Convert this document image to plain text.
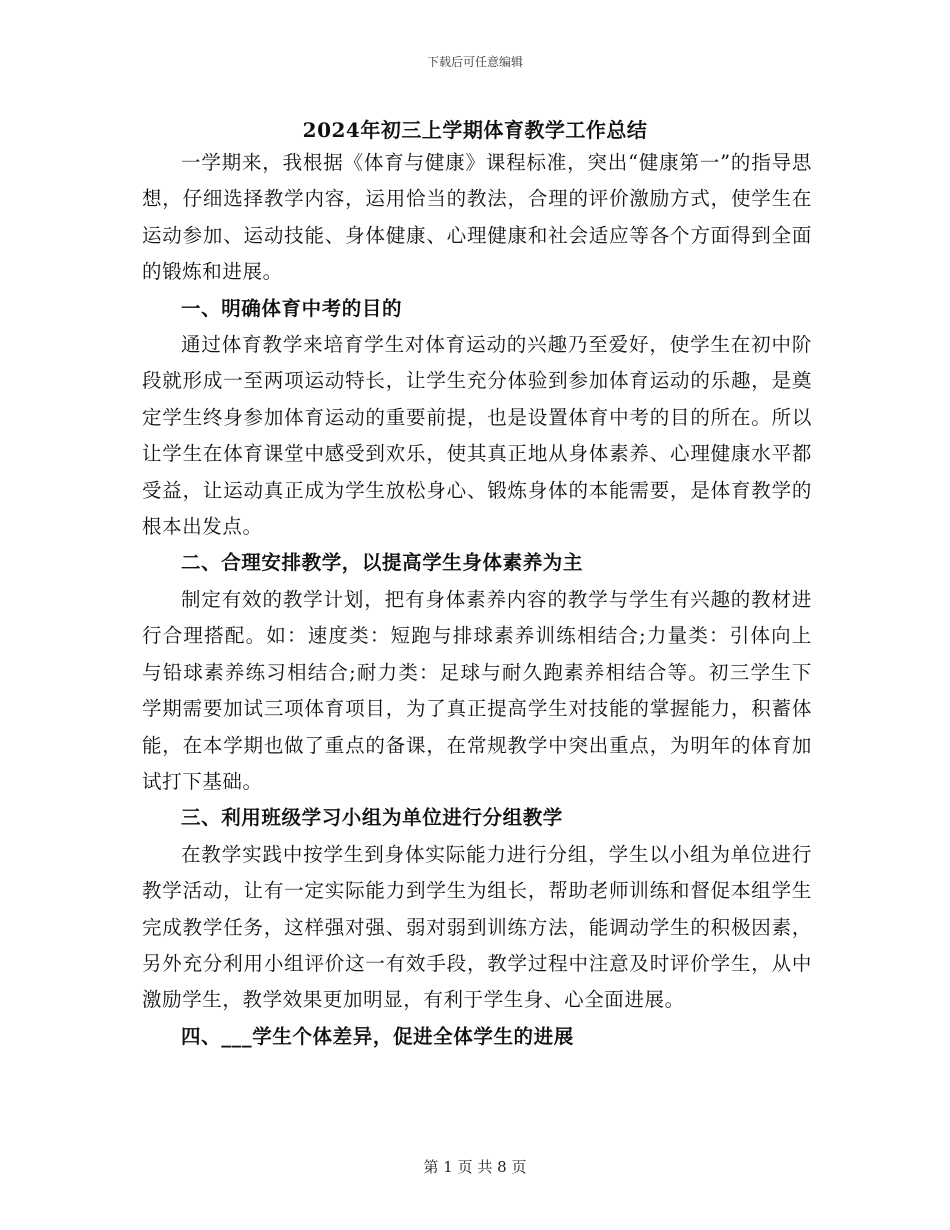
下载后可任意编辑
2024年初三上学期体育教学工作总结

一学期来，我根据《体育与健康》课程标准，突出“健康第一”的指导思想，仔细选择教学内容，运用恰当的教法，合理的评价激励方式，使学生在运动参加、运动技能、身体健康、心理健康和社会适应等各个方面得到全面的锻炼和进展。

一、明确体育中考的目的

通过体育教学来培育学生对体育运动的兴趣乃至爱好，使学生在初中阶段就形成一至两项运动特长，让学生充分体验到参加体育运动的乐趣，是奠定学生终身参加体育运动的重要前提，也是设置体育中考的目的所在。所以让学生在体育课堂中感受到欢乐，使其真正地从身体素养、心理健康水平都受益，让运动真正成为学生放松身心、锻炼身体的本能需要，是体育教学的根本出发点。

二、合理安排教学，以提高学生身体素养为主

制定有效的教学计划，把有身体素养内容的教学与学生有兴趣的教材进行合理搭配。如：速度类：短跑与排球素养训练相结合;力量类：引体向上与铅球素养练习相结合;耐力类：足球与耐久跑素养相结合等。初三学生下学期需要加试三项体育项目，为了真正提高学生对技能的掌握能力，积蓄体能，在本学期也做了重点的备课，在常规教学中突出重点，为明年的体育加试打下基础。

三、利用班级学习小组为单位进行分组教学

在教学实践中按学生到身体实际能力进行分组，学生以小组为单位进行教学活动，让有一定实际能力到学生为组长，帮助老师训练和督促本组学生完成教学任务，这样强对强、弱对弱到训练方法，能调动学生的积极因素，另外充分利用小组评价这一有效手段，教学过程中注意及时评价学生，从中激励学生，教学效果更加明显，有利于学生身、心全面进展。

四、___学生个体差异，促进全体学生的进展

第 1 页 共 8 页
